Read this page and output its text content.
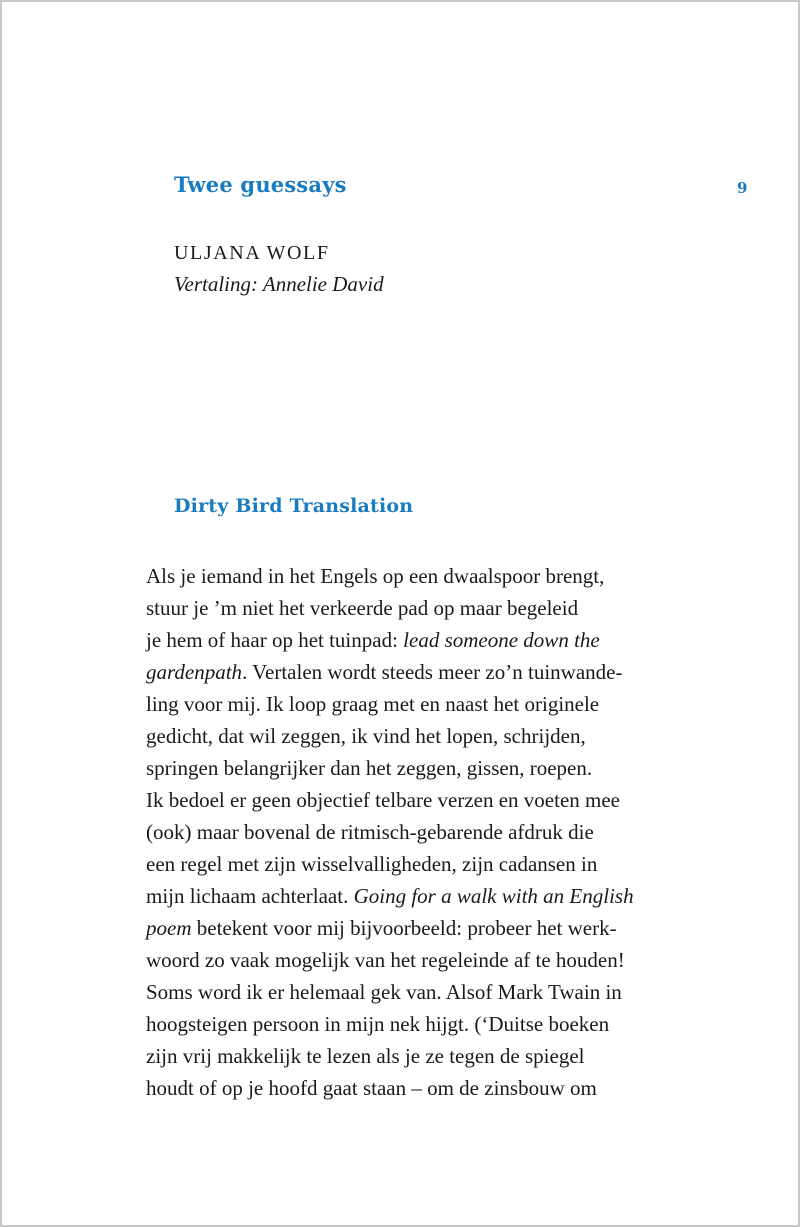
Twee guessays	9
ULJANA WOLF
Vertaling: Annelie David
Dirty Bird Translation
Als je iemand in het Engels op een dwaalspoor brengt,
stuur je ’m niet het verkeerde pad op maar begeleid
je hem of haar op het tuinpad: lead someone down the
gardenpath. Vertalen wordt steeds meer zo’n tuinwande-
ling voor mij. Ik loop graag met en naast het originele
gedicht, dat wil zeggen, ik vind het lopen, schrijden,
springen belangrijker dan het zeggen, gissen, roepen.
Ik bedoel er geen objectief telbare verzen en voeten mee
(ook) maar bovenal de ritmisch-gebarende afdruk die
een regel met zijn wisselvalligheden, zijn cadansen in
mijn lichaam achterlaat. Going for a walk with an English
poem betekent voor mij bijvoorbeeld: probeer het werk-
woord zo vaak mogelijk van het regeleinde af te houden!
Soms word ik er helemaal gek van. Alsof Mark Twain in
hoogsteigen persoon in mijn nek hijgt. (‘Duitse boeken
zijn vrij makkelijk te lezen als je ze tegen de spiegel
houdt of op je hoofd gaat staan – om de zinsbouw om
